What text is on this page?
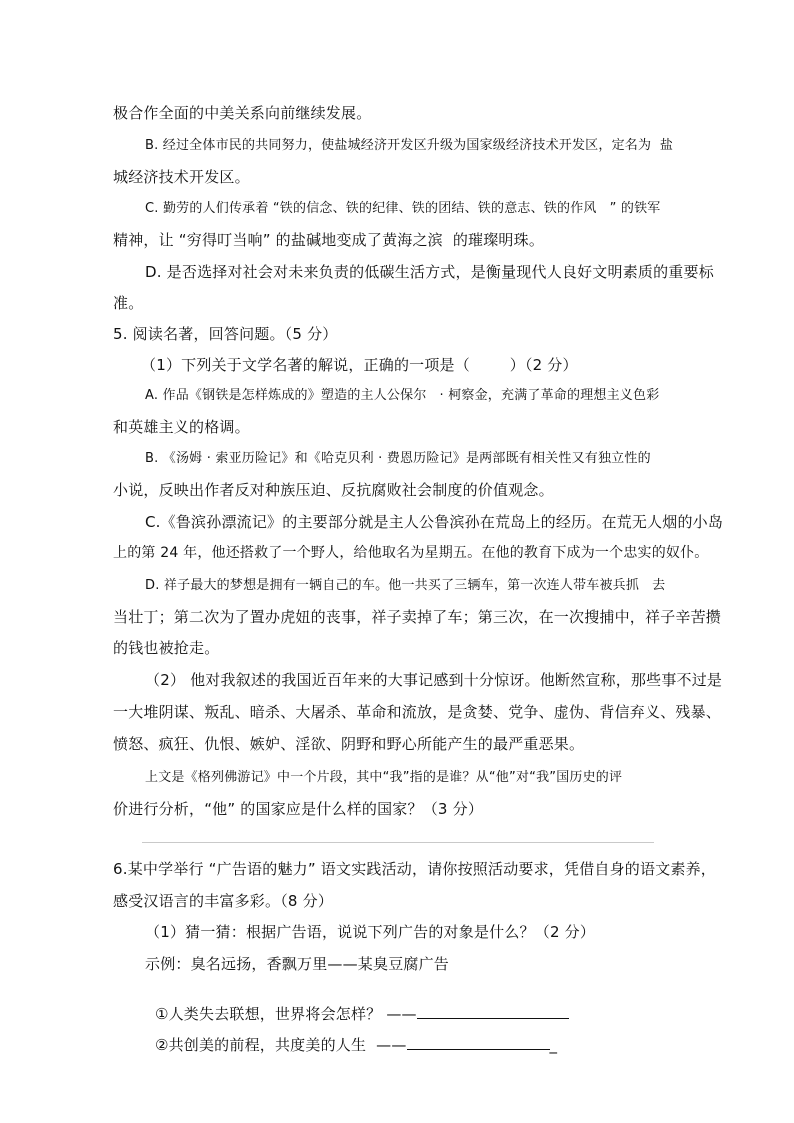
极合作全面的中美关系向前继续发展。
B. 经过全体市民的共同努力，使盐城经济开发区升级为国家级经济技术开发区，定名为  盐
城经济技术开发区。
C. 勤劳的人们传承着 “铁的信念、铁的纪律、铁的团结、铁的意志、铁的作风   ” 的铁军
精神，让 “穷得叮当响” 的盐碱地变成了黄海之滨  的璀璨明珠。
D. 是否选择对社会对未来负责的低碳生活方式，是衡量现代人良好文明素质的重要标
准。
5. 阅读名著，回答问题。（5 分）
（1）下列关于文学名著的解说，正确的一项是（        ）（2 分）
A. 作品《钢铁是怎样炼成的》塑造的主人公保尔   · 柯察金，充满了革命的理想主义色彩
和英雄主义的格调。
B. 《汤姆 · 索亚历险记》和《哈克贝利 · 费恩历险记》是两部既有相关性又有独立性的
小说，反映出作者反对种族压迫、反抗腐败社会制度的价值观念。
C.《鲁滨孙漂流记》的主要部分就是主人公鲁滨孙在荒岛上的经历。在荒无人烟的小岛
上的第 24 年，他还搭救了一个野人，给他取名为星期五。在他的教育下成为一个忠实的奴仆。
D. 祥子最大的梦想是拥有一辆自己的车。他一共买了三辆车，第一次连人带车被兵抓   去
当壮丁；第二次为了置办虎妞的丧事，祥子卖掉了车；第三次，在一次搜捕中，祥子辛苦攒
的钱也被抢走。
（2） 他对我叙述的我国近百年来的大事记感到十分惊讶。他断然宣称，那些事不过是
一大堆阴谋、叛乱、暗杀、大屠杀、革命和流放，是贪婪、党争、虚伪、背信弃义、残暴、
愤怒、疯狂、仇恨、嫉妒、淫欲、阴野和野心所能产生的最严重恶果。
上文是《格列佛游记》中一个片段，其中“我”指的是谁？从“他”对“我”国历史的评
价进行分析，“他” 的国家应是什么样的国家？（3 分）
6.某中学举行 “广告语的魅力” 语文实践活动，请你按照活动要求，凭借自身的语文素养，
感受汉语言的丰富多彩。（8 分）
（1）猜一猜：根据广告语，说说下列广告的对象是什么？（2 分）
示例：臭名远扬，香飘万里——某臭豆腐广告

①人类失去联想，世界将会怎样？ ——

②共创美的前程，共度美的人生  ——	_
